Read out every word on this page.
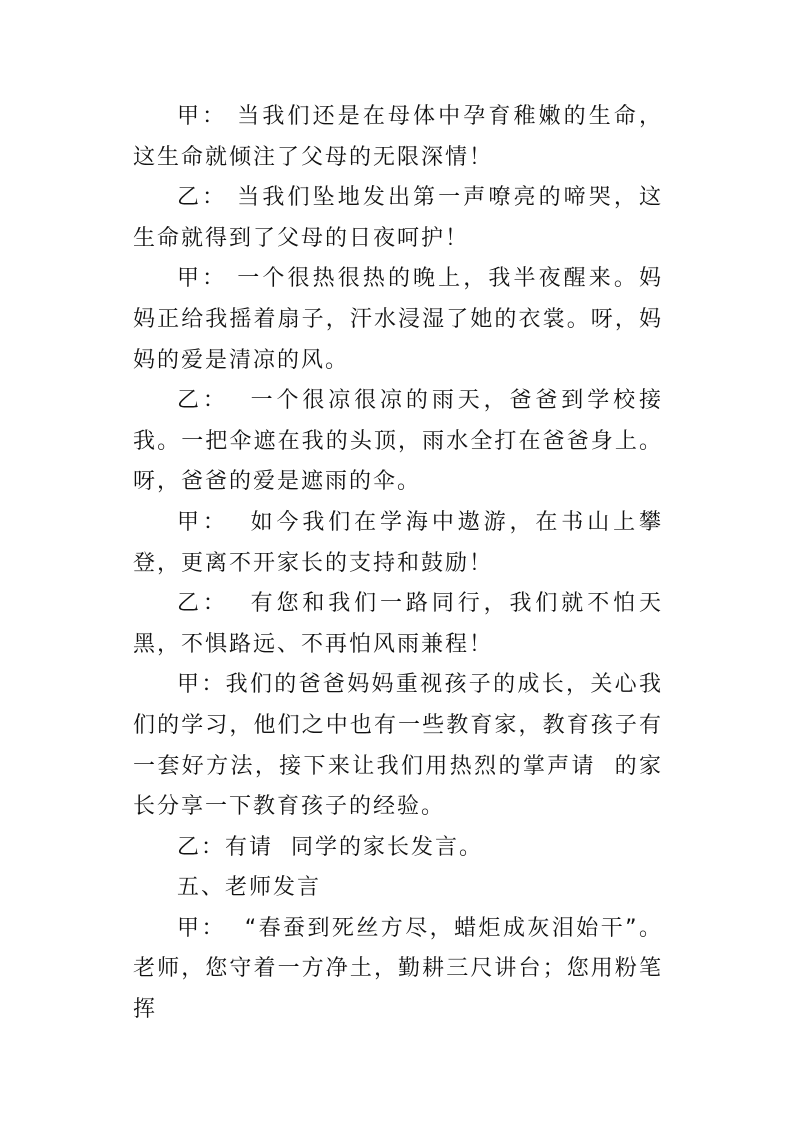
甲： 当我们还是在母体中孕育稚嫩的生命，这生命就倾注了父母的无限深情！

乙： 当我们坠地发出第一声嘹亮的啼哭，这生命就得到了父母的日夜呵护！

甲： 一个很热很热的晚上，我半夜醒来。妈妈正给我摇着扇子，汗水浸湿了她的衣裳。呀，妈妈的爱是清凉的风。

乙：  一个很凉很凉的雨天，爸爸到学校接我。一把伞遮在我的头顶，雨水全打在爸爸身上。呀，爸爸的爱是遮雨的伞。

甲：  如今我们在学海中遨游，在书山上攀登，更离不开家长的支持和鼓励！

乙：  有您和我们一路同行，我们就不怕天黑，不惧路远、不再怕风雨兼程！

甲：我们的爸爸妈妈重视孩子的成长，关心我们的学习，他们之中也有一些教育家，教育孩子有一套好方法，接下来让我们用热烈的掌声请  的家长分享一下教育孩子的经验。

乙：有请  同学的家长发言。

五、老师发言

甲：  “春蚕到死丝方尽，蜡炬成灰泪始干”。老师，您守着一方净土，勤耕三尺讲台；您用粉笔挥
